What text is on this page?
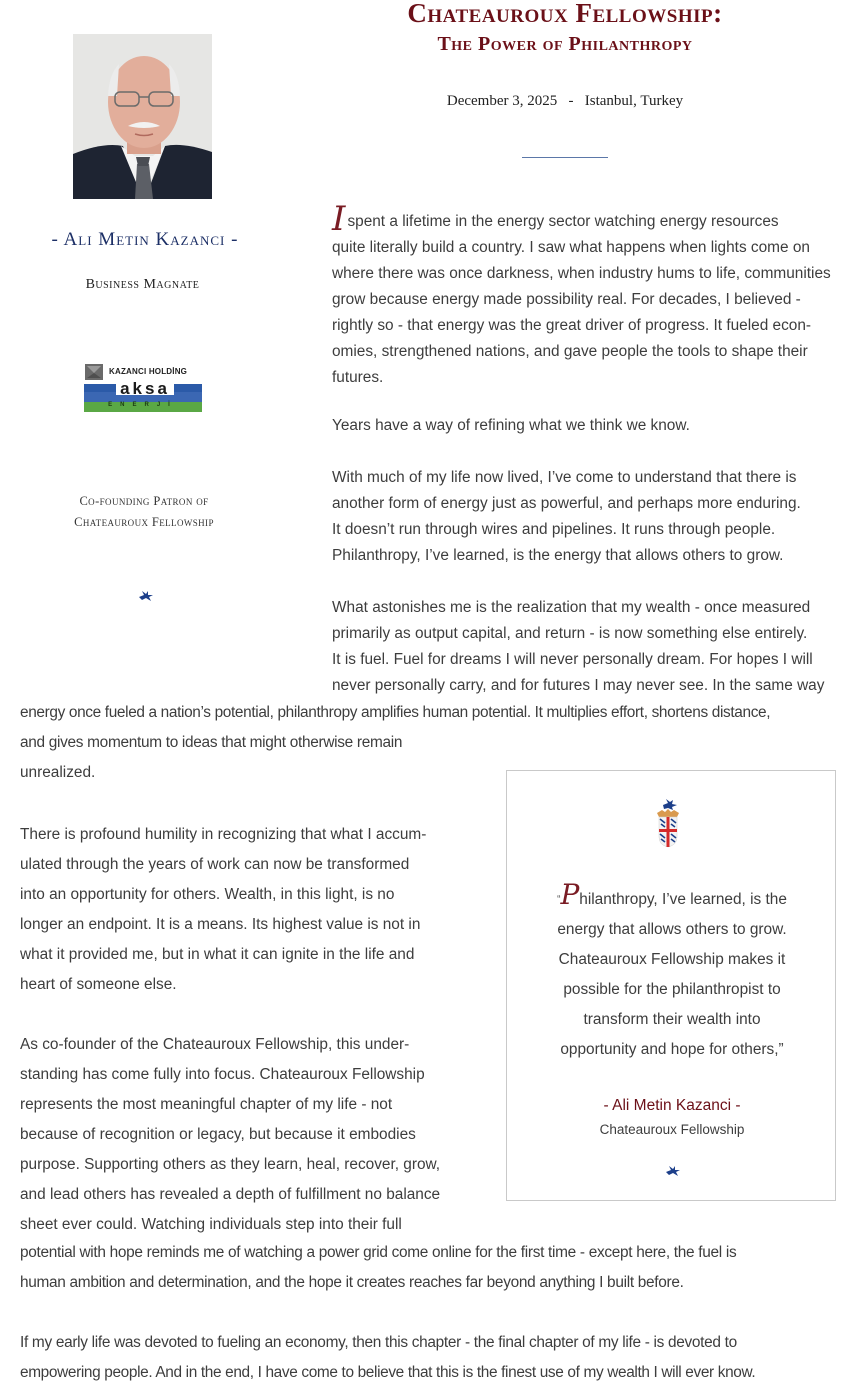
Chateauroux Fellowship:
The Power of Philanthropy
December 3, 2025 - Istanbul, Turkey
- Ali Metin Kazanci -
Business Magnate
KAZANCI HOLDİNG
aksa
ENERJİ
Co-founding Patron of
Chateauroux Fellowship
Ispent a lifetime in the energy sector watching energy resources
quite literally build a country. I saw what happens when lights come on
where there was once darkness, when industry hums to life, communities
grow because energy made possibility real. For decades, I believed -
rightly so - that energy was the great driver of progress. It fueled econ-
omies, strengthened nations, and gave people the tools to shape their
futures.
Years have a way of refining what we think we know.
With much of my life now lived, I’ve come to understand that there is
another form of energy just as powerful, and perhaps more enduring.
It doesn’t run through wires and pipelines. It runs through people.
Philanthropy, I’ve learned, is the energy that allows others to grow.
What astonishes me is the realization that my wealth - once measured
primarily as output capital, and return - is now something else entirely.
It is fuel. Fuel for dreams I will never personally dream. For hopes I will
never personally carry, and for futures I may never see. In the same way
energy once fueled a nation’s potential, philanthropy amplifies human potential. It multiplies effort, shortens distance,
and gives momentum to ideas that might otherwise remain
unrealized.
There is profound humility in recognizing that what I accum-
ulated through the years of work can now be transformed
into an opportunity for others. Wealth, in this light, is no
longer an endpoint. It is a means. Its highest value is not in
what it provided me, but in what it can ignite in the life and
heart of someone else.
As co-founder of the Chateauroux Fellowship, this under-
standing has come fully into focus. Chateauroux Fellowship
represents the most meaningful chapter of my life - not
because of recognition or legacy, but because it embodies
purpose. Supporting others as they learn, heal, recover, grow,
and lead others has revealed a depth of fulfillment no balance
sheet ever could. Watching individuals step into their full
potential with hope reminds me of watching a power grid come online for the first time - except here, the fuel is
human ambition and determination, and the hope it creates reaches far beyond anything I built before.
If my early life was devoted to fueling an economy, then this chapter - the final chapter of my life - is devoted to
empowering people. And in the end, I have come to believe that this is the finest use of my wealth I will ever know.
“Philanthropy, I’ve learned, is the
energy that allows others to grow.
Chateauroux Fellowship makes it
possible for the philanthropist to
transform their wealth into
opportunity and hope for others,”
- Ali Metin Kazanci -
Chateauroux Fellowship
